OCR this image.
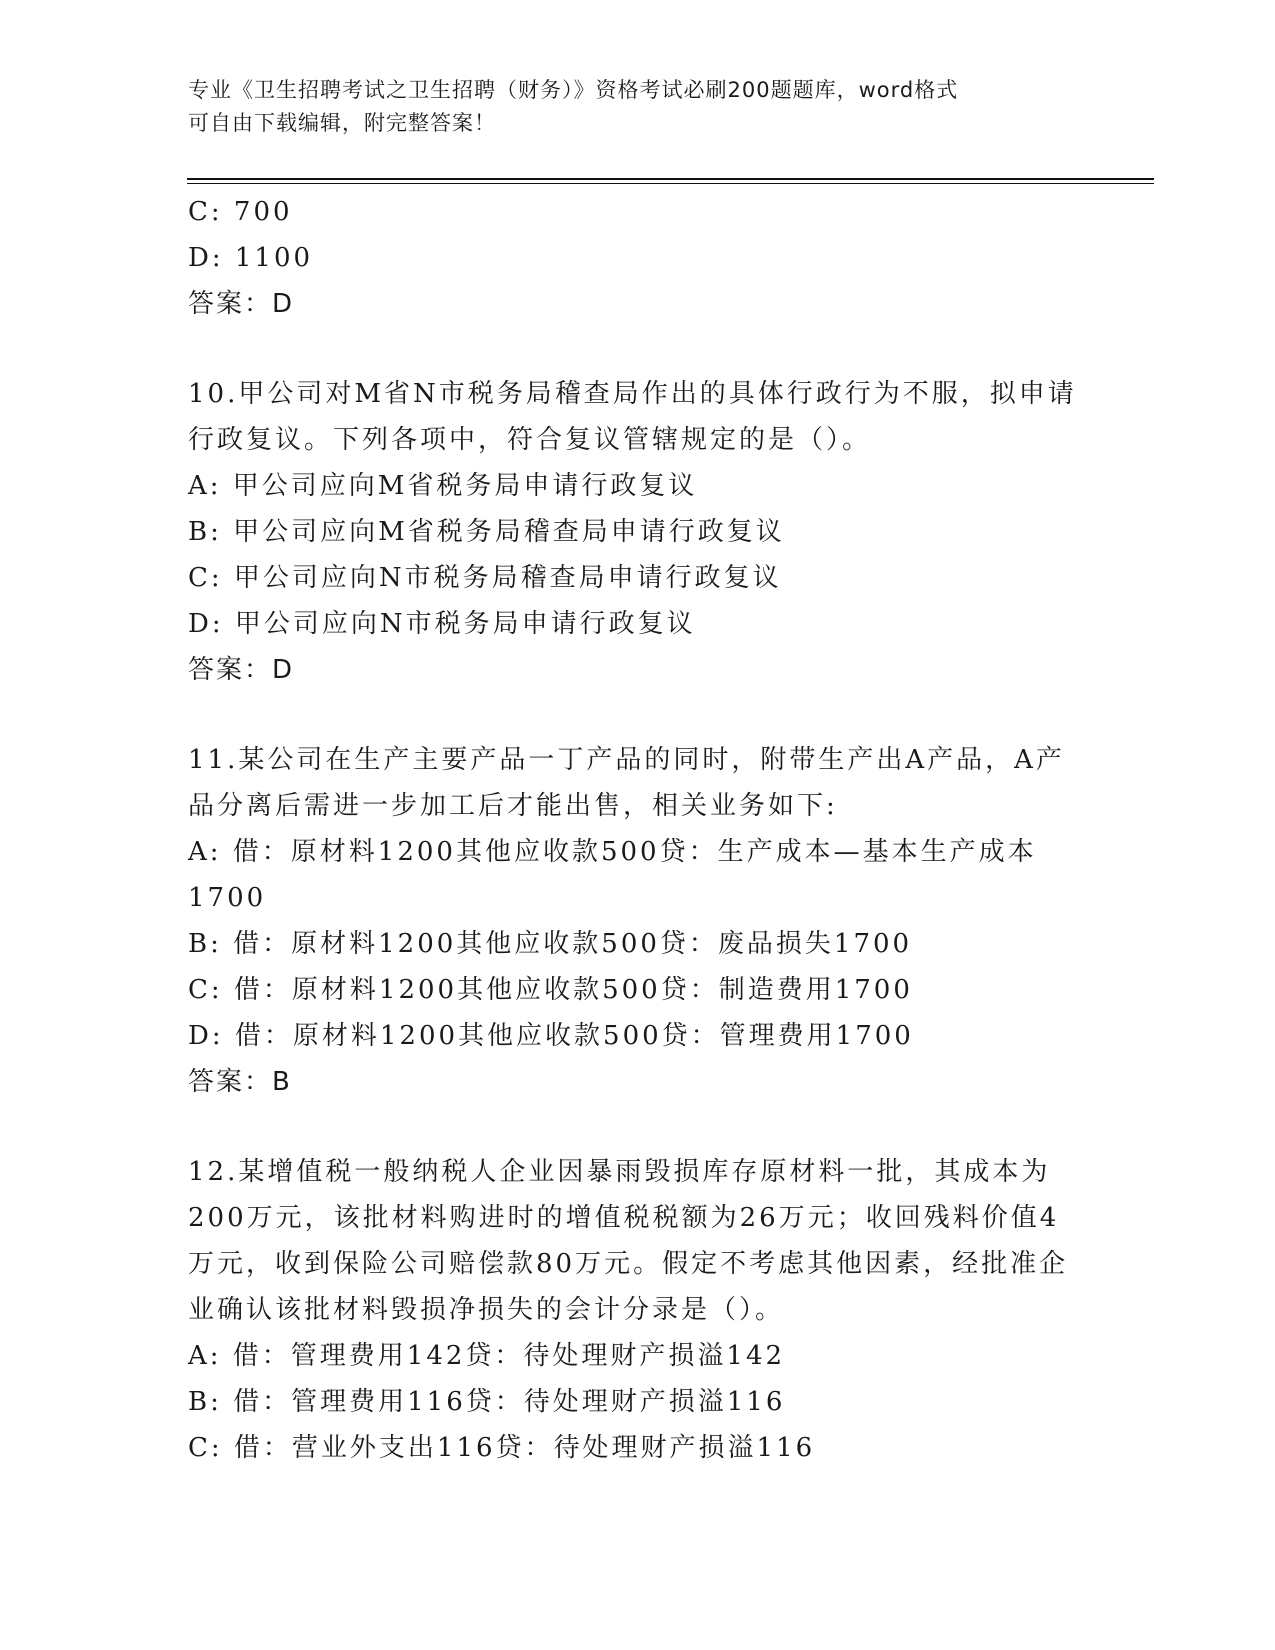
专业《卫生招聘考试之卫生招聘（财务）》资格考试必刷200题题库，word格式
可自由下载编辑，附完整答案！
C: 700
D: 1100
答案：D
10.甲公司对M省N市税务局稽查局作出的具体行政行为不服，拟申请
行政复议。下列各项中，符合复议管辖规定的是（）。
A: 甲公司应向M省税务局申请行政复议
B: 甲公司应向M省税务局稽查局申请行政复议
C: 甲公司应向N市税务局稽查局申请行政复议
D: 甲公司应向N市税务局申请行政复议
答案：D
11.某公司在生产主要产品一丁产品的同时，附带生产出A产品，A产
品分离后需进一步加工后才能出售，相关业务如下:
A: 借：原材料1200其他应收款500贷：生产成本—基本生产成本
1700
B: 借：原材料1200其他应收款500贷：废品损失1700
C: 借：原材料1200其他应收款500贷：制造费用1700
D: 借：原材料1200其他应收款500贷：管理费用1700
答案：B
12.某增值税一般纳税人企业因暴雨毁损库存原材料一批，其成本为
200万元，该批材料购进时的增值税税额为26万元；收回残料价值4
万元，收到保险公司赔偿款80万元。假定不考虑其他因素，经批准企
业确认该批材料毁损净损失的会计分录是（）。
A: 借：管理费用142贷：待处理财产损溢142
B: 借：管理费用116贷：待处理财产损溢116
C: 借：营业外支出116贷：待处理财产损溢116
